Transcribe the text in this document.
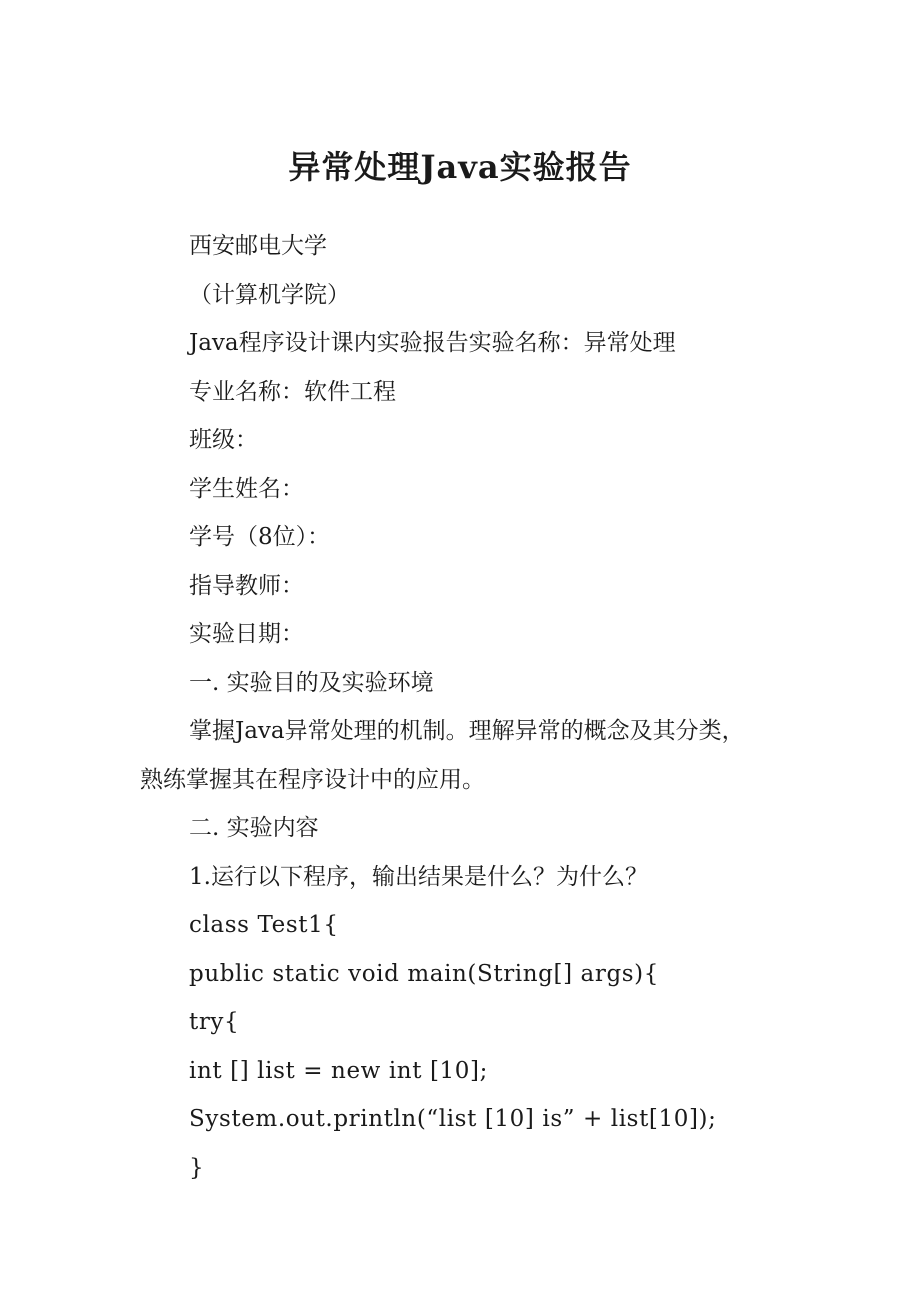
异常处理Java实验报告
西安邮电大学
（计算机学院）
Java程序设计课内实验报告实验名称：异常处理
专业名称：软件工程
班级：
学生姓名：
学号（8位）：
指导教师：
实验日期：
一. 实验目的及实验环境
掌握Java异常处理的机制。理解异常的概念及其分类，
熟练掌握其在程序设计中的应用。
二. 实验内容
1.运行以下程序，输出结果是什么？为什么？
class Test1{
public static void main(String[] args){
try{
int [] list = new int [10];
System.out.println(“list [10] is” + list[10]);
}
